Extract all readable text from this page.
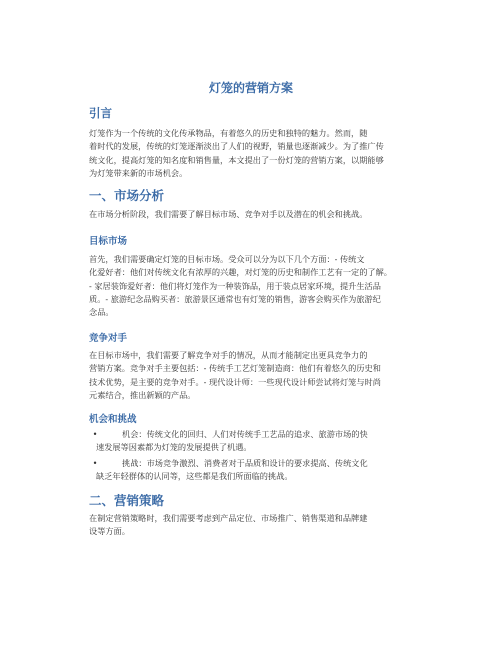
灯笼的营销方案
引言
灯笼作为一个传统的文化传承物品，有着悠久的历史和独特的魅力。然而，随
着时代的发展，传统的灯笼逐渐淡出了人们的视野，销量也逐渐减少。为了推广传
统文化，提高灯笼的知名度和销售量，本文提出了一份灯笼的营销方案，以期能够
为灯笼带来新的市场机会。
一、市场分析
在市场分析阶段，我们需要了解目标市场、竞争对手以及潜在的机会和挑战。
目标市场
首先，我们需要确定灯笼的目标市场。受众可以分为以下几个方面：- 传统文
化爱好者：他们对传统文化有浓厚的兴趣，对灯笼的历史和制作工艺有一定的了解。
- 家居装饰爱好者：他们将灯笼作为一种装饰品，用于装点居家环境，提升生活品
质。- 旅游纪念品购买者：旅游景区通常也有灯笼的销售，游客会购买作为旅游纪
念品。
竞争对手
在目标市场中，我们需要了解竞争对手的情况，从而才能制定出更具竞争力的
营销方案。竞争对手主要包括：- 传统手工艺灯笼制造商：他们有着悠久的历史和
技术优势，是主要的竞争对手。- 现代设计师：一些现代设计师尝试将灯笼与时尚
元素结合，推出新颖的产品。
机会和挑战
•	机会：传统文化的回归、人们对传统手工艺品的追求、旅游市场的快
速发展等因素都为灯笼的发展提供了机遇。
•	挑战：市场竞争激烈、消费者对于品质和设计的要求提高、传统文化
缺乏年轻群体的认同等，这些都是我们所面临的挑战。
二、营销策略
在制定营销策略时，我们需要考虑到产品定位、市场推广、销售渠道和品牌建
设等方面。
